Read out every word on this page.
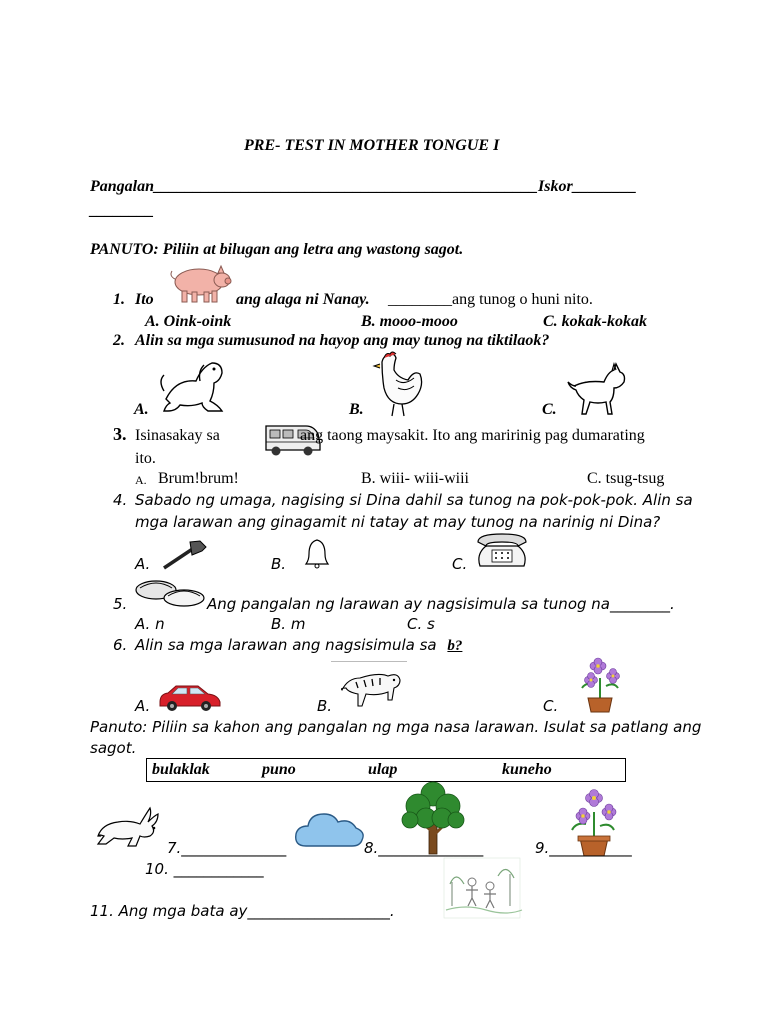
PRE- TEST IN MOTHER TONGUE I
Pangalan________________________________________________Iskor________
________
PANUTO: Piliin at bilugan ang letra ang wastong sagot.
1. Ito	ang alaga ni Nanay. ________ang tunog o huni nito.
A. Oink-oink	B. mooo-mooo	C. kokak-kokak
2. Alin sa mga sumusunod na hayop ang may tunog na tiktilaok?
A.	B.	C.
3. Isinasakay sa	ang taong maysakit. Ito ang maririnig pag dumarating
ito.
A. Brum!brum!	B. wiii- wiii-wiii	C. tsug-tsug
4. Sabado ng umaga, nagising si Dina dahil sa tunog na pok-pok-pok. Alin sa
mga larawan ang ginagamit ni tatay at may tunog na narinig ni Dina?
A.	B.	C.
5.	Ang pangalan ng larawan ay nagsisimula sa tunog na________.
A. n	B. m	C. s
6. Alin sa mga larawan ang nagsisimula sa b?
A.	B.	C.
Panuto: Piliin sa kahon ang pangalan ng mga nasa larawan. Isulat sa patlang ang
sagot.
bulaklak	puno	ulap	kuneho
7.______________	8.______________	9.___________
10. ____________
11. Ang mga bata ay___________________.
